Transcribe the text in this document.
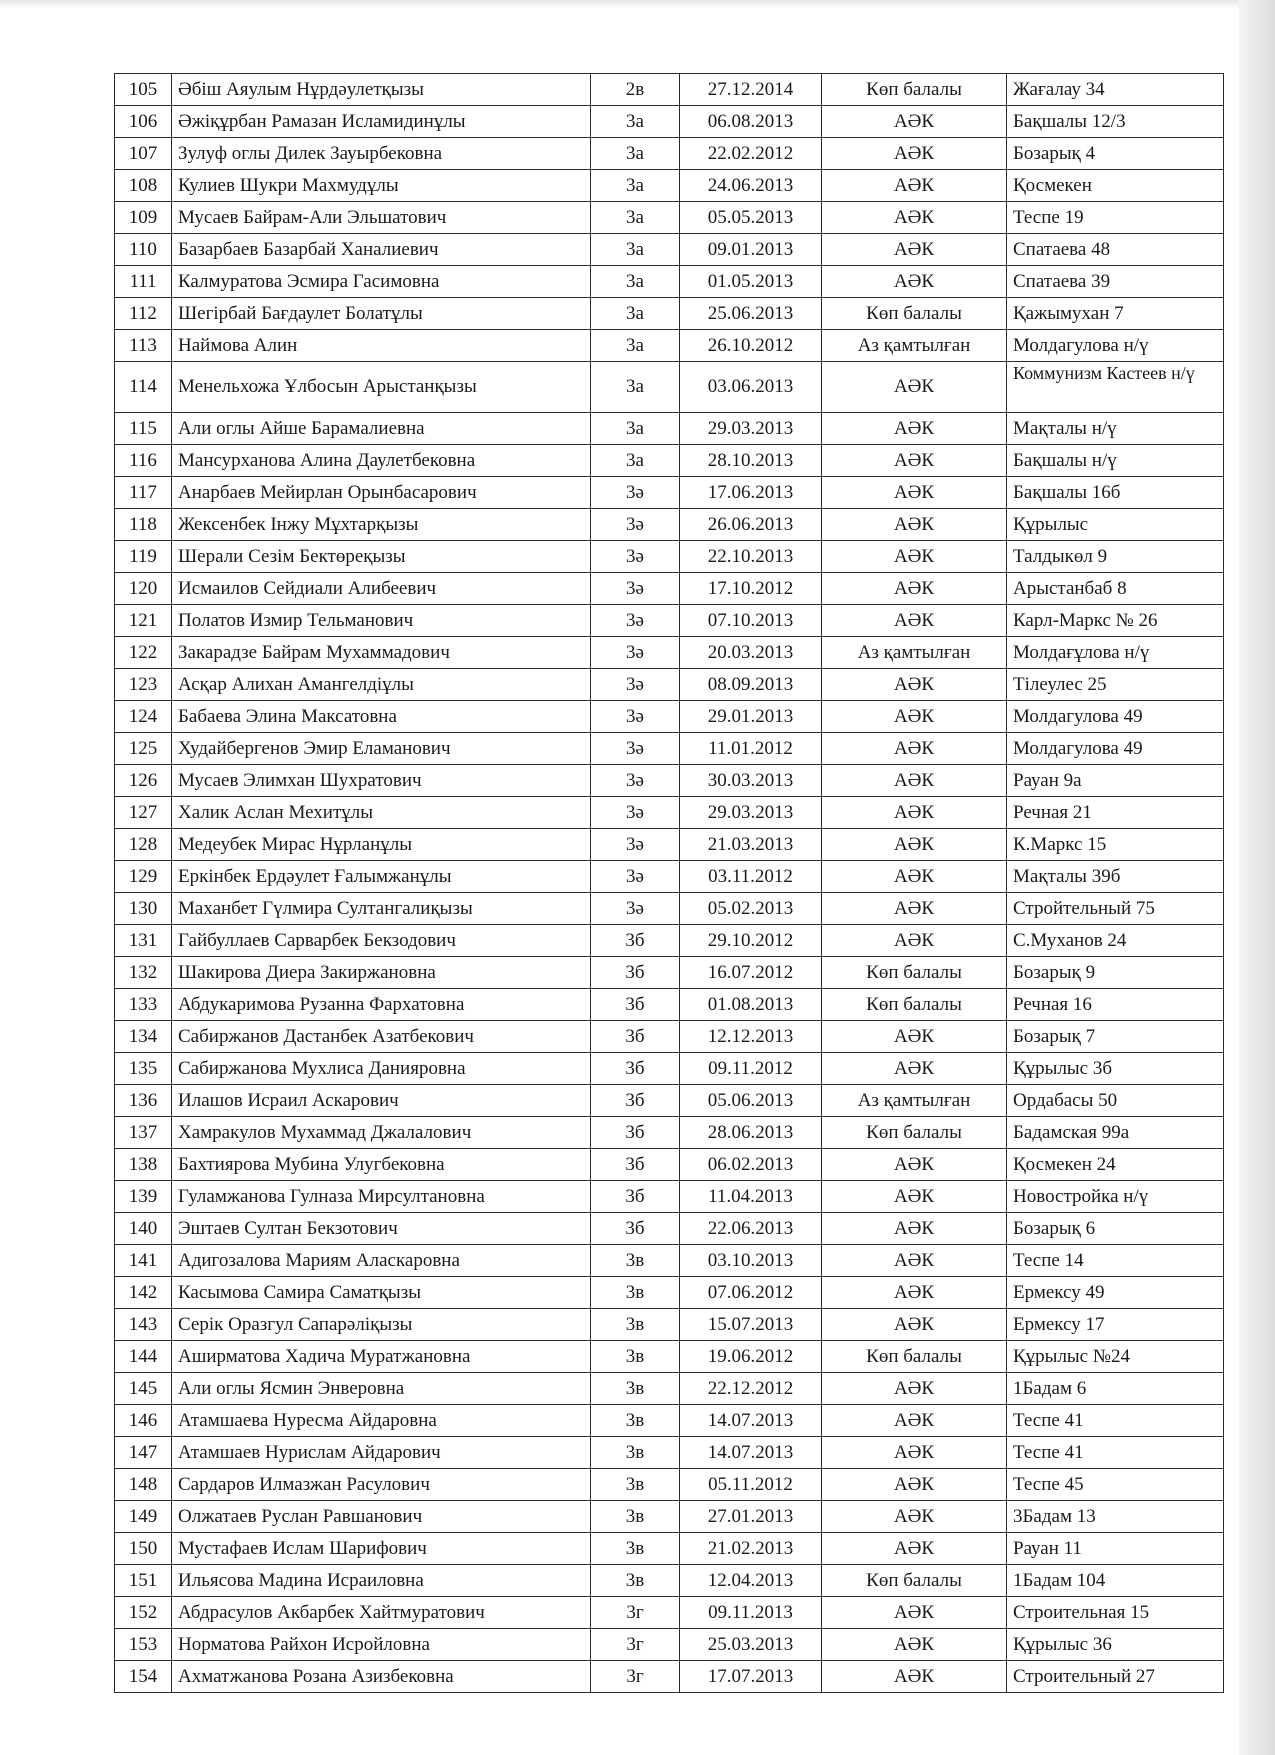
105	Әбіш Аяулым Нұрдәулетқызы	2в	27.12.2014	Көп балалы	Жағалау 34
106	Әжіқұрбан Рамазан Исламидинұлы	3а	06.08.2013	АӘК	Бақшалы 12/3
107	Зулуф оглы Дилек Зауырбековна	3а	22.02.2012	АӘК	Бозарық 4
108	Кулиев Шукри Махмудұлы	3а	24.06.2013	АӘК	Қосмекен
109	Мусаев Байрам-Али Эльшатович	3а	05.05.2013	АӘК	Теспе 19
110	Базарбаев Базарбай Ханалиевич	3а	09.01.2013	АӘК	Спатаева 48
111	Калмуратова Эсмира Гасимовна	3а	01.05.2013	АӘК	Спатаева 39
112	Шегірбай Бағдаулет Болатұлы	3а	25.06.2013	Көп балалы	Қажымухан 7
113	Наймова Алин	3а	26.10.2012	Аз қамтылған	Молдагулова н/ү
114	Менельхожа Ұлбосын Арыстанқызы	3а	03.06.2013	АӘК	Коммунизм Кастеев н/ү
115	Али оглы Айше Барамалиевна	3а	29.03.2013	АӘК	Мақталы н/ү
116	Мансурханова Алина Даулетбековна	3а	28.10.2013	АӘК	Бақшалы н/ү
117	Анарбаев Мейирлан Орынбасарович	3ә	17.06.2013	АӘК	Бақшалы 16б
118	Жексенбек Інжу Мұхтарқызы	3ә	26.06.2013	АӘК	Құрылыс
119	Шерали Сезім Бектөреқызы	3ә	22.10.2013	АӘК	Талдыкөл 9
120	Исмаилов Сейдиали Алибеевич	3ә	17.10.2012	АӘК	Арыстанбаб 8
121	Полатов Измир Тельманович	3ә	07.10.2013	АӘК	Карл-Маркс № 26
122	Закарадзе Байрам Мухаммадович	3ә	20.03.2013	Аз қамтылған	Молдағұлова н/ү
123	Асқар Алихан Амангелдіұлы	3ә	08.09.2013	АӘК	Тілеулес 25
124	Бабаева Элина Максатовна	3ә	29.01.2013	АӘК	Молдагулова 49
125	Худайбергенов Эмир Еламанович	3ә	11.01.2012	АӘК	Молдагулова 49
126	Мусаев Элимхан Шухратович	3ә	30.03.2013	АӘК	Рауан 9а
127	Халик Аслан Мехитұлы	3ә	29.03.2013	АӘК	Речная 21
128	Медеубек Мирас Нұрланұлы	3ә	21.03.2013	АӘК	К.Маркс 15
129	Еркінбек Ердәулет Ғалымжанұлы	3ә	03.11.2012	АӘК	Мақталы 39б
130	Маханбет Гүлмира Султангалиқызы	3ә	05.02.2013	АӘК	Стройтельный 75
131	Гайбуллаев Сарварбек Бекзодович	3б	29.10.2012	АӘК	С.Муханов 24
132	Шакирова Диера Закиржановна	3б	16.07.2012	Көп балалы	Бозарық 9
133	Абдукаримова Рузанна Фархатовна	3б	01.08.2013	Көп балалы	Речная 16
134	Сабиржанов Дастанбек Азатбекович	3б	12.12.2013	АӘК	Бозарық 7
135	Сабиржанова Мухлиса Данияровна	3б	09.11.2012	АӘК	Құрылыс 3б
136	Илашов Исраил Аскарович	3б	05.06.2013	Аз қамтылған	Ордабасы 50
137	Хамракулов Мухаммад Джалалович	3б	28.06.2013	Көп балалы	Бадамская 99а
138	Бахтиярова Мубина Улугбековна	3б	06.02.2013	АӘК	Қосмекен 24
139	Гуламжанова Гулназа Мирсултановна	3б	11.04.2013	АӘК	Новостройка н/ү
140	Эштаев Султан Бекзотович	3б	22.06.2013	АӘК	Бозарық 6
141	Адигозалова Мариям Аласкаровна	3в	03.10.2013	АӘК	Теспе 14
142	Касымова Самира Саматқызы	3в	07.06.2012	АӘК	Ермексу 49
143	Серік Оразгул Сапарәліқызы	3в	15.07.2013	АӘК	Ермексу 17
144	Аширматова Хадича Муратжановна	3в	19.06.2012	Көп балалы	Құрылыс №24
145	Али оглы Ясмин Энверовна	3в	22.12.2012	АӘК	1Бадам 6
146	Атамшаева Нуресма Айдаровна	3в	14.07.2013	АӘК	Теспе 41
147	Атамшаев Нурислам Айдарович	3в	14.07.2013	АӘК	Теспе 41
148	Сардаров Илмазжан Расулович	3в	05.11.2012	АӘК	Теспе 45
149	Олжатаев Руслан Равшанович	3в	27.01.2013	АӘК	3Бадам 13
150	Мустафаев Ислам Шарифович	3в	21.02.2013	АӘК	Рауан 11
151	Ильясова Мадина Исраиловна	3в	12.04.2013	Көп балалы	1Бадам 104
152	Абдрасулов Акбарбек Хайтмуратович	3г	09.11.2013	АӘК	Строительная 15
153	Норматова Райхон Исройловна	3г	25.03.2013	АӘК	Құрылыс 36
154	Ахматжанова Розана Азизбековна	3г	17.07.2013	АӘК	Строительный 27
